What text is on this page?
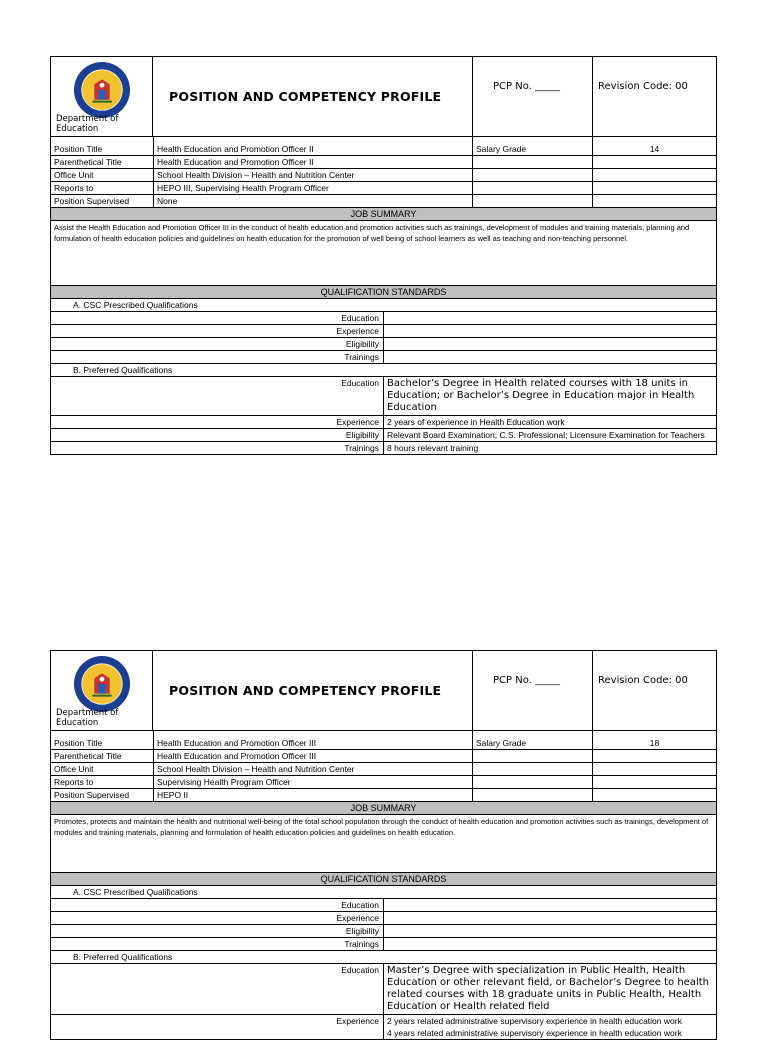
Department of Education
POSITION AND COMPETENCY PROFILE
PCP No. _____	Revision Code: 00
Position Title	Health Education and Promotion Officer II	Salary Grade	14
Parenthetical Title	Health Education and Promotion Officer II		
Office Unit	School Health Division – Health and Nutrition Center		
Reports to	HEPO III, Supervising Health Program Officer		
Position Supervised	None		
JOB SUMMARY
Assist the Health Education and Promotion Officer III in the conduct of health education and promotion activities such as trainings, development of modules and training materials, planning and formulation of health education policies and guidelines on health education for the promotion of well being of school learners as well as teaching and non-teaching personnel.
QUALIFICATION STANDARDS
A. CSC Prescribed Qualifications	
Education	
Experience	
Eligibility	
Trainings	
B. Preferred Qualifications	
Education	Bachelor’s Degree in Health related courses with 18 units in Education; or Bachelor’s Degree in Education major in Health Education
Experience	2 years of experience in Health Education work
Eligibility	Relevant Board Examination; C.S. Professional; Licensure Examination for Teachers
Trainings	8 hours relevant training
Department of Education
POSITION AND COMPETENCY PROFILE
PCP No. _____	Revision Code: 00
Position Title	Health Education and Promotion Officer III	Salary Grade	18
Parenthetical Title	Health Education and Promotion Officer III		
Office Unit	School Health Division – Health and Nutrition Center		
Reports to	Supervising Health Program Officer		
Position Supervised	HEPO II		
JOB SUMMARY
Promotes, protects and maintain the health and nutritional well-being of the total school population through the conduct of health education and promotion activities such as trainings, development of modules and training materials, planning and formulation of health education policies and guidelines on health education.
QUALIFICATION STANDARDS
A. CSC Prescribed Qualifications	
Education	
Experience	
Eligibility	
Trainings	
B. Preferred Qualifications	
Education	Master’s Degree with specialization in Public Health, Health Education or other relevant field, or Bachelor’s Degree to health related courses with 18 graduate units in Public Health, Health Education or Health related field
Experience	2 years related administrative supervisory experience in health education work
4 years related administrative supervisory experience in health education work
